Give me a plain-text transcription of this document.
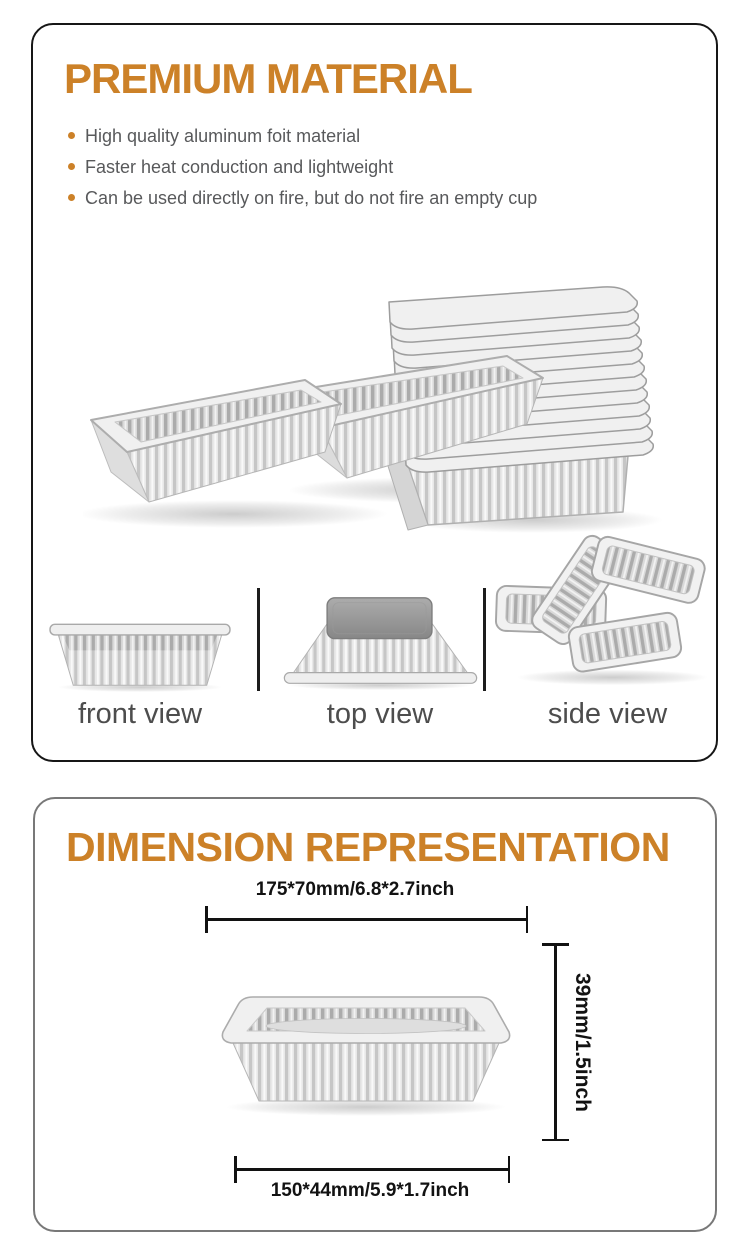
PREMIUM MATERIAL
High quality aluminum foit material
Faster heat conduction and lightweight
Can be used directly on fire, but do not fire an empty cup
front view	top view	side view
DIMENSION REPRESENTATION
175*70mm/6.8*2.7inch
39mm/1.5inch
150*44mm/5.9*1.7inch
